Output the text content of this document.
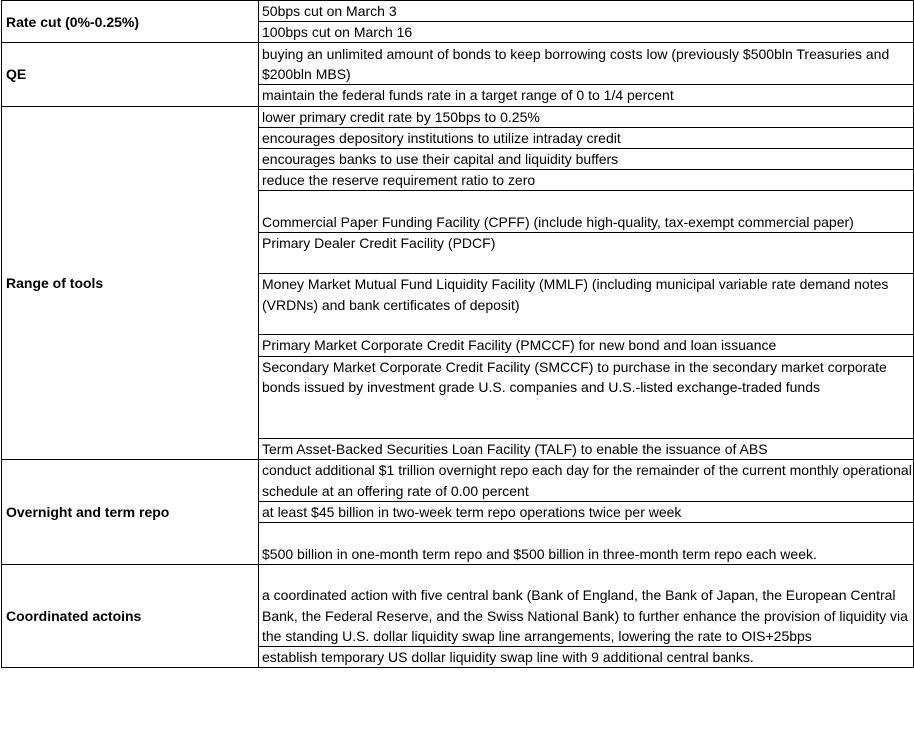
Rate cut (0%-0.25%)	50bps cut on March 3
	100bps cut on March 16
QE	buying an unlimited amount of bonds to keep borrowing costs low (previously $500bln Treasuries and $200bln MBS)
	maintain the federal funds rate in a target range of 0 to 1/4 percent
Range of tools	lower primary credit rate by 150bps to 0.25%
	encourages depository institutions to utilize intraday credit
	encourages banks to use their capital and liquidity buffers
	reduce the reserve requirement ratio to zero
	Commercial Paper Funding Facility (CPFF) (include high-quality, tax-exempt commercial paper)
	Primary Dealer Credit Facility (PDCF)
	Money Market Mutual Fund Liquidity Facility (MMLF) (including municipal variable rate demand notes (VRDNs) and bank certificates of deposit)
	Primary Market Corporate Credit Facility (PMCCF) for new bond and loan issuance
	Secondary Market Corporate Credit Facility (SMCCF) to purchase in the secondary market corporate bonds issued by investment grade U.S. companies and U.S.-listed exchange-traded funds
	Term Asset-Backed Securities Loan Facility (TALF) to enable the issuance of ABS
Overnight and term repo	conduct additional $1 trillion overnight repo each day for the remainder of the current monthly operational schedule at an offering rate of 0.00 percent
	at least $45 billion in two-week term repo operations twice per week
	$500 billion in one-month term repo and $500 billion in three-month term repo each week.
Coordinated actoins	a coordinated action with five central bank (Bank of England, the Bank of Japan, the European Central Bank, the Federal Reserve, and the Swiss National Bank) to further enhance the provision of liquidity via the standing U.S. dollar liquidity swap line arrangements, lowering the rate to OIS+25bps
	establish temporary US dollar liquidity swap line with 9 additional central banks.
